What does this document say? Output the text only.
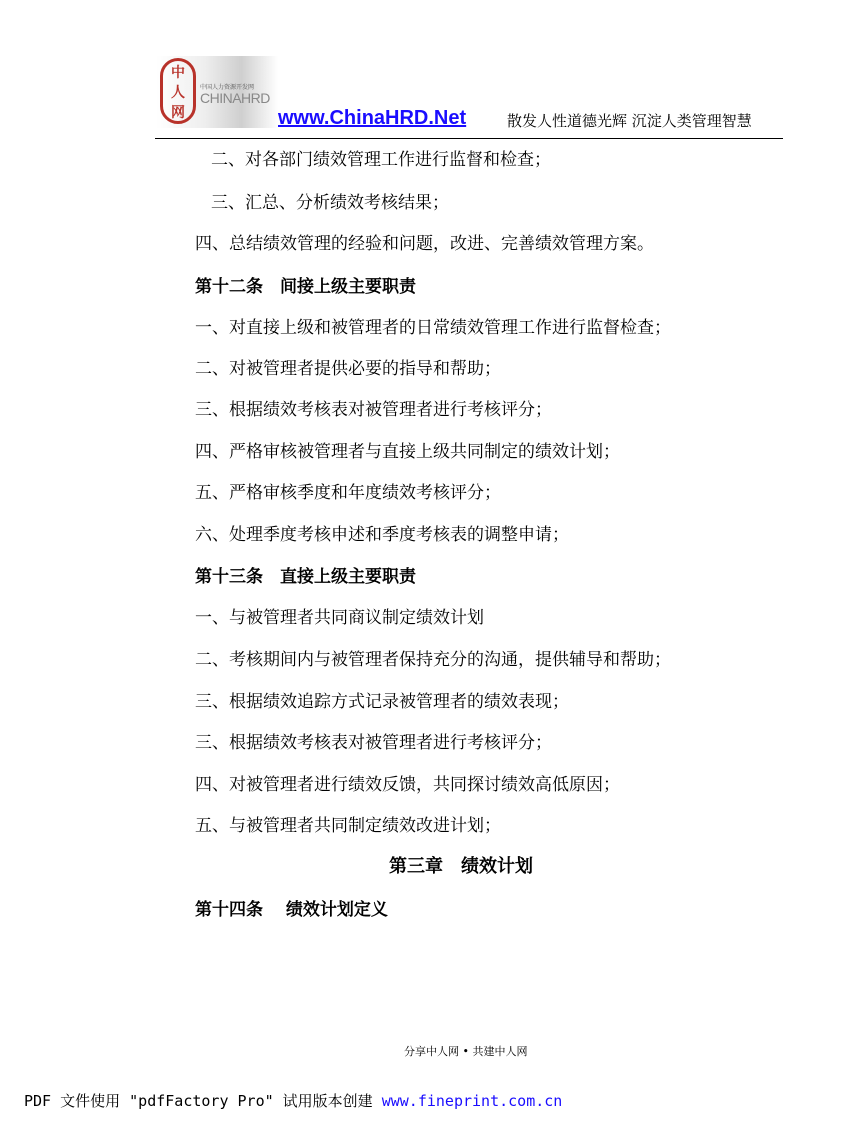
中
人
网
中国人力资源开发网
CHINAHRD
www.ChinaHRD.Net	散发人性道德光辉 沉淀人类管理智慧
二、对各部门绩效管理工作进行监督和检查；
三、汇总、分析绩效考核结果；
四、总结绩效管理的经验和问题，改进、完善绩效管理方案。
第十二条　间接上级主要职责
一、对直接上级和被管理者的日常绩效管理工作进行监督检查；
二、对被管理者提供必要的指导和帮助；
三、根据绩效考核表对被管理者进行考核评分；
四、严格审核被管理者与直接上级共同制定的绩效计划；
五、严格审核季度和年度绩效考核评分；
六、处理季度考核申述和季度考核表的调整申请；
第十三条　直接上级主要职责
一、与被管理者共同商议制定绩效计划
二、考核期间内与被管理者保持充分的沟通，提供辅导和帮助；
三、根据绩效追踪方式记录被管理者的绩效表现；
三、根据绩效考核表对被管理者进行考核评分；
四、对被管理者进行绩效反馈，共同探讨绩效高低原因；
五、与被管理者共同制定绩效改进计划；
第三章　绩效计划
第十四条　 绩效计划定义
分享中人网 • 共建中人网
PDF 文件使用 "pdfFactory Pro" 试用版本创建 www.fineprint.com.cn
